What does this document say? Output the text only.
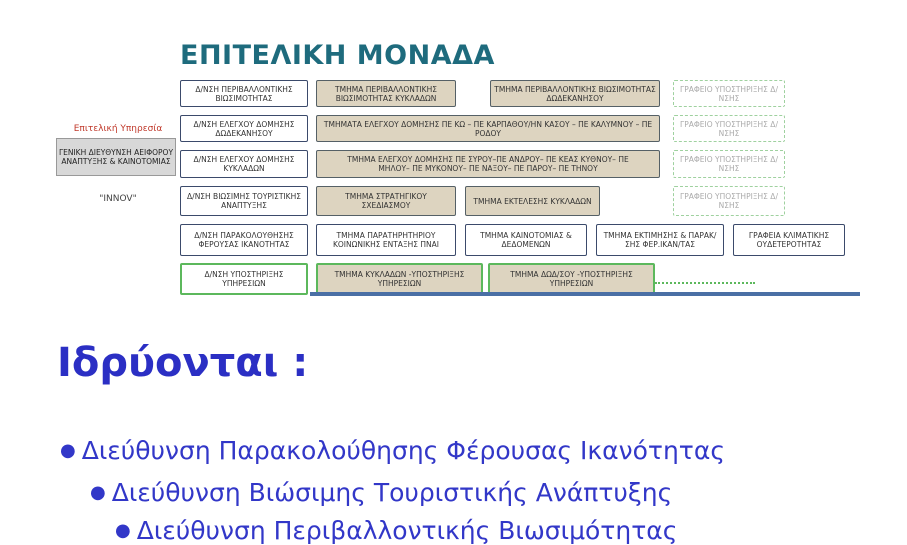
ΕΠΙΤΕΛΙΚΗ ΜΟΝΑΔΑ
Επιτελική Υπηρεσία
ΓΕΝΙΚΗ ΔΙΕΥΘΥΝΣΗ ΑΕΙΦΟΡΟΥ ΑΝΑΠΤΥΞΗΣ & ΚΑΙΝΟΤΟΜΙΑΣ
"INNOV"
Δ/ΝΣΗ ΠΕΡΙΒΑΛΛΟΝΤΙΚΗΣ ΒΙΩΣΙΜΟΤΗΤΑΣ
ΤΜΗΜΑ ΠΕΡΙΒΑΛΛΟΝΤΙΚΗΣ ΒΙΩΣΙΜΟΤΗΤΑΣ ΚΥΚΛΑΔΩΝ
ΤΜΗΜΑ ΠΕΡΙΒΑΛΛΟΝΤΙΚΗΣ ΒΙΩΣΙΜΟΤΗΤΑΣ ΔΩΔΕΚΑΝΗΣΟΥ
ΓΡΑΦΕΙΟ ΥΠΟΣΤΗΡΙΞΗΣ Δ/ΝΣΗΣ
Δ/ΝΣΗ ΕΛΕΓΧΟΥ ΔΟΜΗΣΗΣ ΔΩΔΕΚΑΝΗΣΟΥ
ΤΜΗΜΑΤΑ ΕΛΕΓΧΟΥ ΔΟΜΗΣΗΣ ΠΕ ΚΩ – ΠΕ ΚΑΡΠΑΘΟΥ/ΗΝ ΚΑΣΟΥ – ΠΕ ΚΑΛΥΜΝΟΥ – ΠΕ ΡΟΔΟΥ
ΓΡΑΦΕΙΟ ΥΠΟΣΤΗΡΙΞΗΣ Δ/ΝΣΗΣ
Δ/ΝΣΗ ΕΛΕΓΧΟΥ ΔΟΜΗΣΗΣ ΚΥΚΛΑΔΩΝ
ΤΜΗΜΑ ΕΛΕΓΧΟΥ ΔΟΜΗΣΗΣ ΠΕ ΣΥΡΟΥ–ΠΕ ΑΝΔΡΟΥ– ΠΕ ΚΕΑΣ ΚΥΘΝΟΥ– ΠΕ ΜΗΛΟΥ– ΠΕ ΜΥΚΟΝΟΥ– ΠΕ ΝΑΞΟΥ– ΠΕ ΠΑΡΟΥ– ΠΕ ΤΗΝΟΥ
ΓΡΑΦΕΙΟ ΥΠΟΣΤΗΡΙΞΗΣ Δ/ΝΣΗΣ
Δ/ΝΣΗ ΒΙΩΣΙΜΗΣ ΤΟΥΡΙΣΤΙΚΗΣ ΑΝΑΠΤΥΞΗΣ
ΤΜΗΜΑ ΣΤΡΑΤΗΓΙΚΟΥ ΣΧΕΔΙΑΣΜΟΥ	ΤΜΗΜΑ ΕΚΤΕΛΕΣΗΣ ΚΥΚΛΑΔΩΝ	ΓΡΑΦΕΙΟ ΥΠΟΣΤΗΡΙΞΗΣ Δ/ΝΣΗΣ
Δ/ΝΣΗ ΠΑΡΑΚΟΛΟΥΘΗΣΗΣ ΦΕΡΟΥΣΑΣ ΙΚΑΝΟΤΗΤΑΣ
ΤΜΗΜΑ ΠΑΡΑΤΗΡΗΤΗΡΙΟΥ ΚΟΙΝΩΝΙΚΗΣ ΕΝΤΑΞΗΣ ΠΝΑΙ
ΤΜΗΜΑ ΚΑΙΝΟΤΟΜΙΑΣ & ΔΕΔΟΜΕΝΩΝ
ΤΜΗΜΑ ΕΚΤΙΜΗΣΗΣ & ΠΑΡΑΚ/ΣΗΣ ΦΕΡ.ΙΚΑΝ/ΤΑΣ
ΓΡΑΦΕΙΑ ΚΛΙΜΑΤΙΚΗΣ ΟΥΔΕΤΕΡΟΤΗΤΑΣ
Δ/ΝΣΗ ΥΠΟΣΤΗΡΙΞΗΣ ΥΠΗΡΕΣΙΩΝ
ΤΜΗΜΑ ΚΥΚΛΑΔΩΝ -ΥΠΟΣΤΗΡΙΞΗΣ ΥΠΗΡΕΣΙΩΝ
ΤΜΗΜΑ ΔΩΔ/ΣΟΥ -ΥΠΟΣΤΗΡΙΞΗΣ ΥΠΗΡΕΣΙΩΝ
Ιδρύονται :
● Διεύθυνση Παρακολούθησης Φέρουσας Ικανότητας
● Διεύθυνση Βιώσιμης Τουριστικής Ανάπτυξης
● Διεύθυνση Περιβαλλοντικής Βιωσιμότητας
